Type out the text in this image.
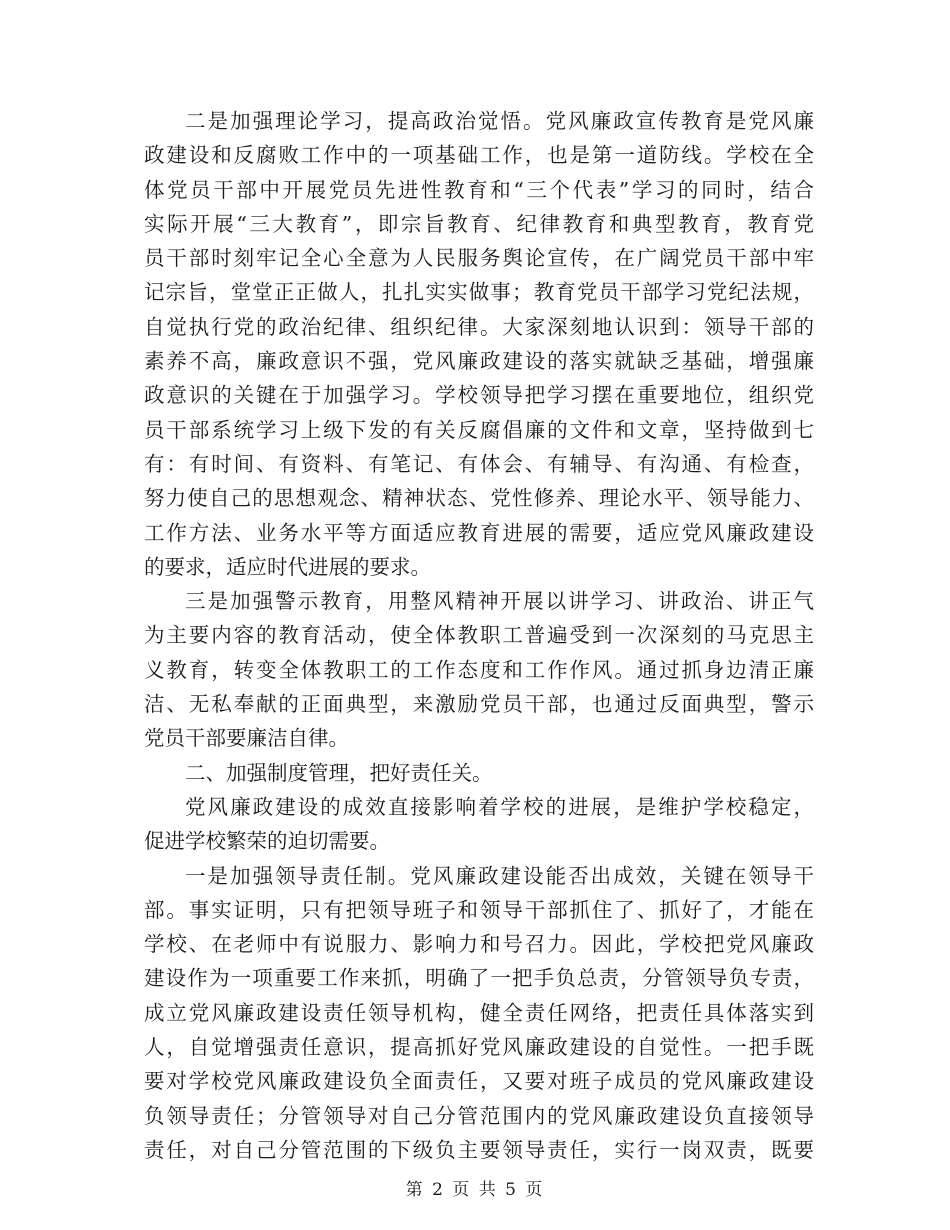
二是加强理论学习，提高政治觉悟。党风廉政宣传教育是党风廉
政建设和反腐败工作中的一项基础工作，也是第一道防线。学校在全
体党员干部中开展党员先进性教育和“三个代表”学习的同时，结合
实际开展“三大教育”，即宗旨教育、纪律教育和典型教育，教育党
员干部时刻牢记全心全意为人民服务舆论宣传，在广阔党员干部中牢
记宗旨，堂堂正正做人，扎扎实实做事；教育党员干部学习党纪法规，
自觉执行党的政治纪律、组织纪律。大家深刻地认识到：领导干部的
素养不高，廉政意识不强，党风廉政建设的落实就缺乏基础，增强廉
政意识的关键在于加强学习。学校领导把学习摆在重要地位，组织党
员干部系统学习上级下发的有关反腐倡廉的文件和文章，坚持做到七
有：有时间、有资料、有笔记、有体会、有辅导、有沟通、有检查，
努力使自己的思想观念、精神状态、党性修养、理论水平、领导能力、
工作方法、业务水平等方面适应教育进展的需要，适应党风廉政建设
的要求，适应时代进展的要求。
三是加强警示教育，用整风精神开展以讲学习、讲政治、讲正气
为主要内容的教育活动，使全体教职工普遍受到一次深刻的马克思主
义教育，转变全体教职工的工作态度和工作作风。通过抓身边清正廉
洁、无私奉献的正面典型，来激励党员干部，也通过反面典型，警示
党员干部要廉洁自律。
二、加强制度管理，把好责任关。
党风廉政建设的成效直接影响着学校的进展，是维护学校稳定，
促进学校繁荣的迫切需要。
一是加强领导责任制。党风廉政建设能否出成效，关键在领导干
部。事实证明，只有把领导班子和领导干部抓住了、抓好了，才能在
学校、在老师中有说服力、影响力和号召力。因此，学校把党风廉政
建设作为一项重要工作来抓，明确了一把手负总责，分管领导负专责，
成立党风廉政建设责任领导机构，健全责任网络，把责任具体落实到
人，自觉增强责任意识，提高抓好党风廉政建设的自觉性。一把手既
要对学校党风廉政建设负全面责任，又要对班子成员的党风廉政建设
负领导责任；分管领导对自己分管范围内的党风廉政建设负直接领导
责任，对自己分管范围的下级负主要领导责任，实行一岗双责，既要
第 2 页 共 5 页
